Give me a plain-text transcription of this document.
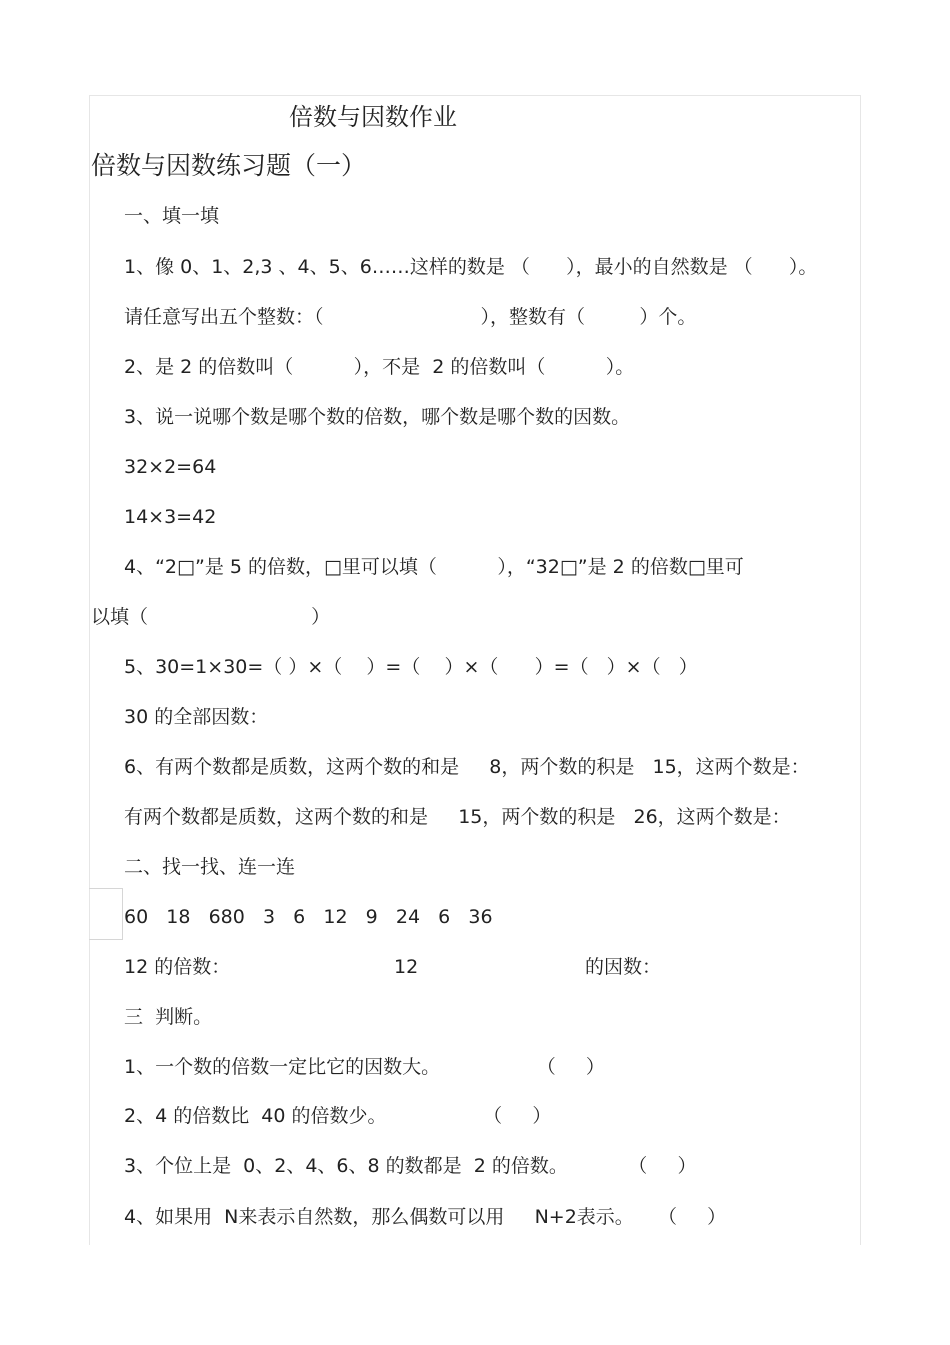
倍数与因数作业
倍数与因数练习题（一）
一、填一填
1、像 0、1、2,3 、4、5、6……这样的数是 （      ），最小的自然数是 （      ）。
请任意写出五个整数：（                          ），整数有（         ）个。
2、是 2 的倍数叫（          ），不是  2 的倍数叫（          ）。
3、说一说哪个数是哪个数的倍数，哪个数是哪个数的因数。
32×2=64
14×3=42
4、“2□”是 5 的倍数，□里可以填（          ），“32□”是 2 的倍数□里可
以填（                           ）
5、30=1×30=（ ）×（    ）=（    ）×（      ）=（   ）×（   ）
30 的全部因数：
6、有两个数都是质数，这两个数的和是     8，两个数的积是   15，这两个数是：
有两个数都是质数，这两个数的和是     15，两个数的积是   26，这两个数是：
二、找一找、连一连
60   18   680   3   6   12   9   24   6   36
12 的倍数：	12	的因数：
三  判断。
1、一个数的倍数一定比它的因数大。                （     ）
2、4 的倍数比  40 的倍数少。                （     ）
3、个位上是  0、2、4、6、8 的数都是  2 的倍数。          （     ）
4、如果用  N来表示自然数，那么偶数可以用     N+2表示。    （     ）
